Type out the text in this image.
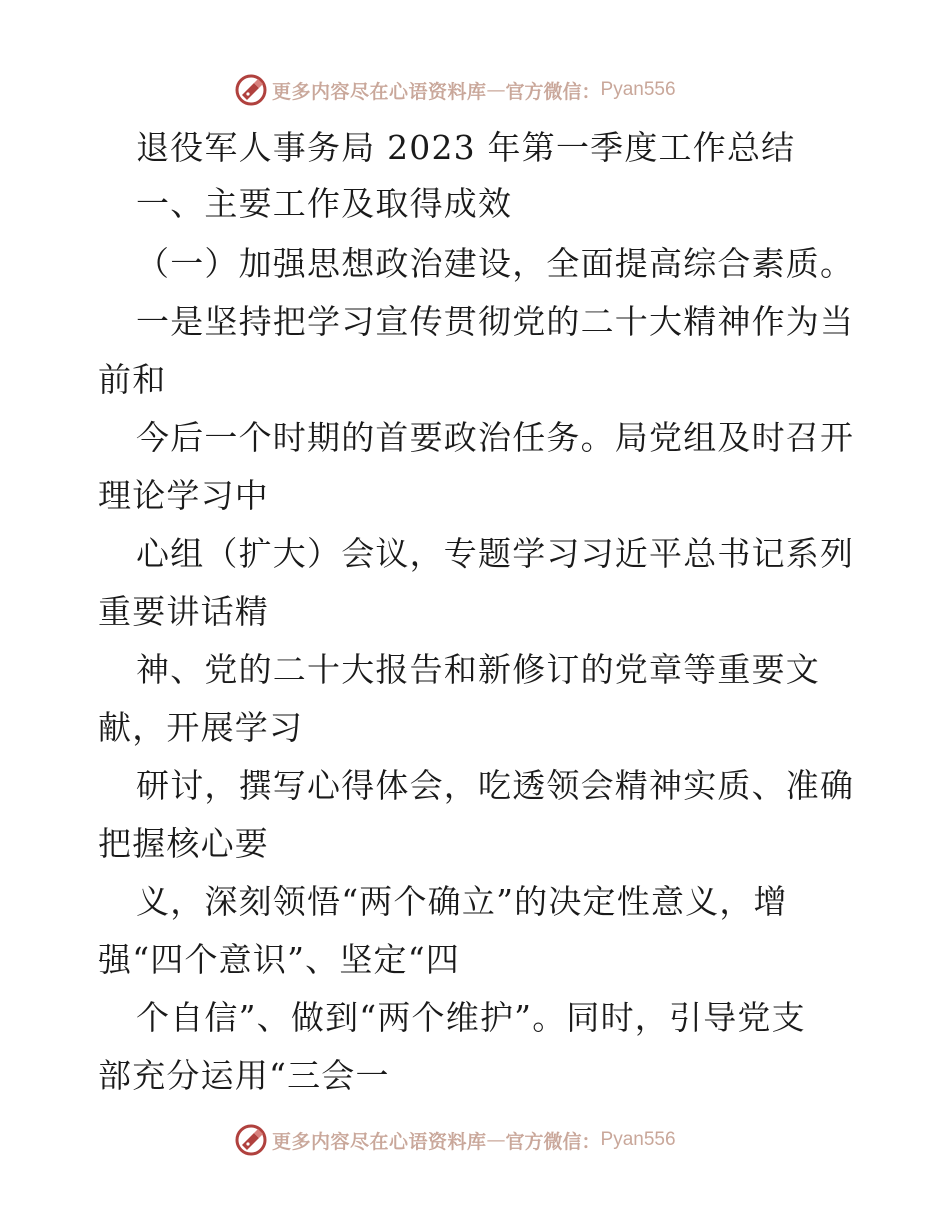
更多内容尽在心语资料库 — 官方微信： Pyan556
退役军人事务局 2023 年第一季度工作总结
一、主要工作及取得成效
（一）加强思想政治建设，全面提高综合素质。
一是坚持把学习宣传贯彻党的二十大精神作为当
前和
今后一个时期的首要政治任务。局党组及时召开
理论学习中
心组（扩大）会议，专题学习习近平总书记系列
重要讲话精
神、党的二十大报告和新修订的党章等重要文
献，开展学习
研讨，撰写心得体会，吃透领会精神实质、准确
把握核心要
义，深刻领悟“两个确立”的决定性意义，增
强“四个意识”、坚定“四
个自信”、做到“两个维护”。同时，引导党支
部充分运用“三会一
更多内容尽在心语资料库 — 官方微信： Pyan556
